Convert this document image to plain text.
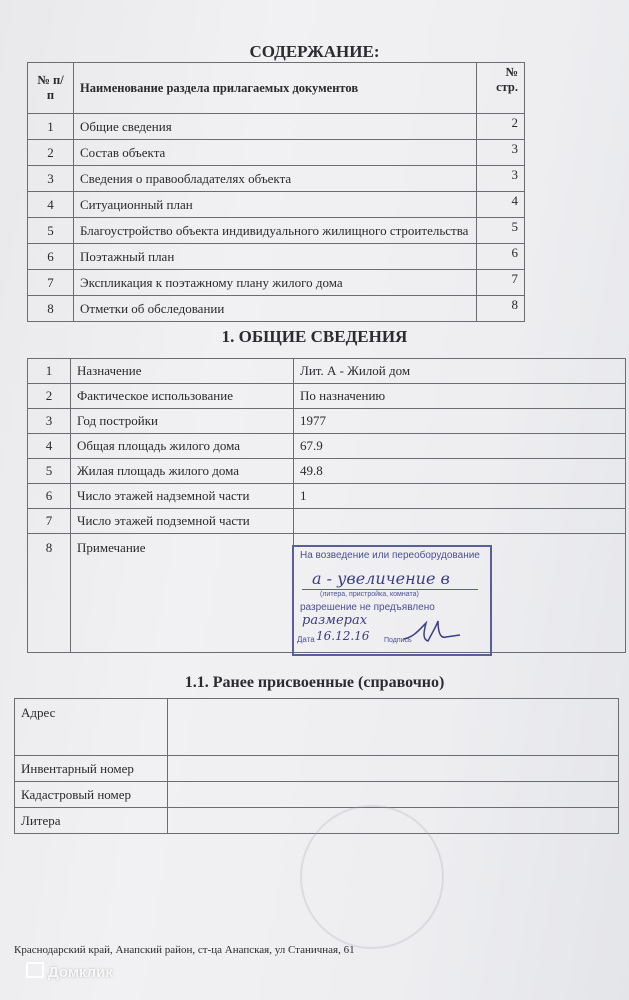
СОДЕРЖАНИЕ:
№ п/п	Наименование раздела прилагаемых документов	№ стр.
1	Общие сведения	2
2	Состав объекта	3
3	Сведения о правообладателях объекта	3
4	Ситуационный план	4
5	Благоустройство объекта индивидуального жилищного строительства	5
6	Поэтажный план	6
7	Экспликация к поэтажному плану жилого дома	7
8	Отметки об обследовании	8
1. ОБЩИЕ СВЕДЕНИЯ
1	Назначение	Лит. А - Жилой дом
2	Фактическое использование	По назначению
3	Год постройки	1977
4	Общая площадь жилого дома	67.9
5	Жилая площадь жилого дома	49.8
6	Число этажей надземной части	1
7	Число этажей подземной части	
8	Примечание	
На возведение или переоборудование
а - увеличение в
(литера, пристройка, комната)
разрешение не предъявлено
размерах
Дата 16.12.16 Подпись
1.1. Ранее присвоенные (справочно)
Адрес	
Инвентарный номер	
Кадастровый номер	
Литера	
Краснодарский край, Анапский район, ст-ца Анапская, ул Станичная, 61
Домклик
